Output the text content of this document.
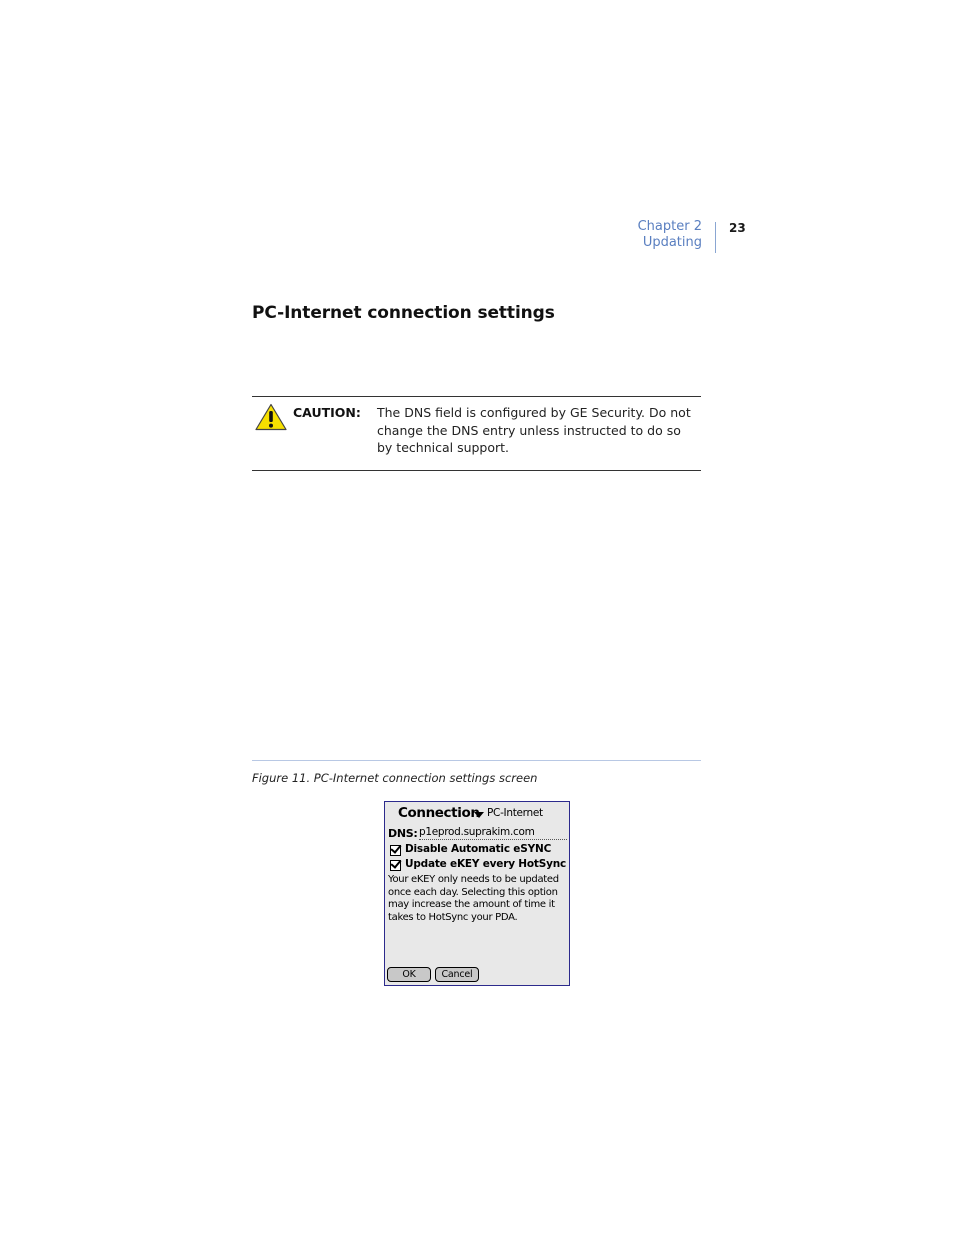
Chapter 2
Updating
23
PC-Internet connection settings
CAUTION: The DNS field is configured by GE Security. Do not change the DNS entry unless instructed to do so by technical support.
Figure 11. PC-Internet connection settings screen
Connection PC-Internet
DNS: p1eprod.suprakim.com
Disable Automatic eSYNC
Update eKEY every HotSync
Your eKEY only needs to be updated once each day. Selecting this option may increase the amount of time it takes to HotSync your PDA.
OK	Cancel
